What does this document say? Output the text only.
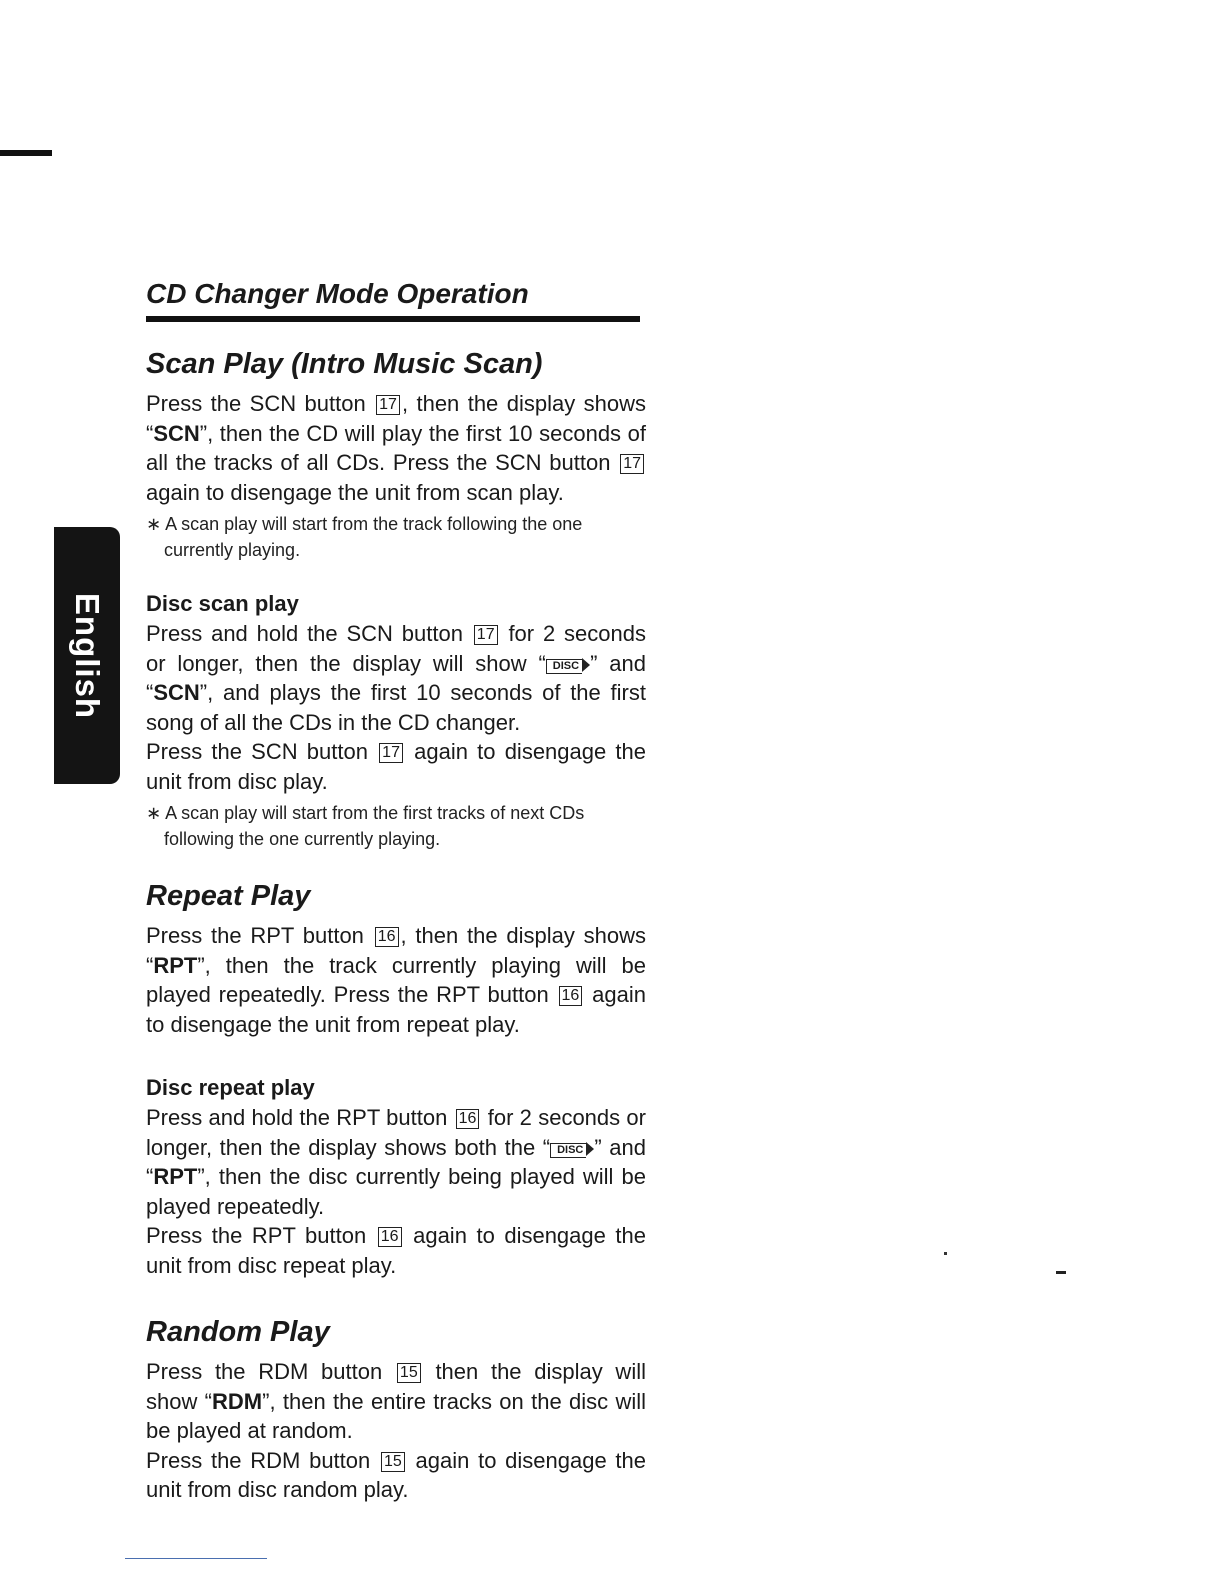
English
CD Changer Mode Operation
Scan Play (Intro Music Scan)

Press the SCN button 17 , then the display shows “SCN”, then the CD will play the first 10 seconds of all the tracks of all CDs. Press the SCN button 17 again to disengage the unit from scan play.

∗ A scan play will start from the track following the one currently playing.

Disc scan play

Press and hold the SCN button 17 for 2 seconds or longer, then the display will show “ DISC ” and “SCN”, and plays the first 10 seconds of the first song of all the CDs in the CD changer.

Press the SCN button 17 again to disengage the unit from disc play.

∗ A scan play will start from the first tracks of next CDs following the one currently playing.

Repeat Play

Press the RPT button 16 , then the display shows “RPT”, then the track currently playing will be played repeatedly. Press the RPT button 16 again to disengage the unit from repeat play.

Disc repeat play

Press and hold the RPT button 16 for 2 seconds or longer, then the display shows both the “ DISC ” and “RPT”, then the disc currently being played will be played repeatedly.

Press the RPT button 16 again to disengage the unit from disc repeat play.

Random Play

Press the RDM button 15 then the display will show “RDM”, then the entire tracks on the disc will be played at random.

Press the RDM button 15 again to disengage the unit from disc random play.
